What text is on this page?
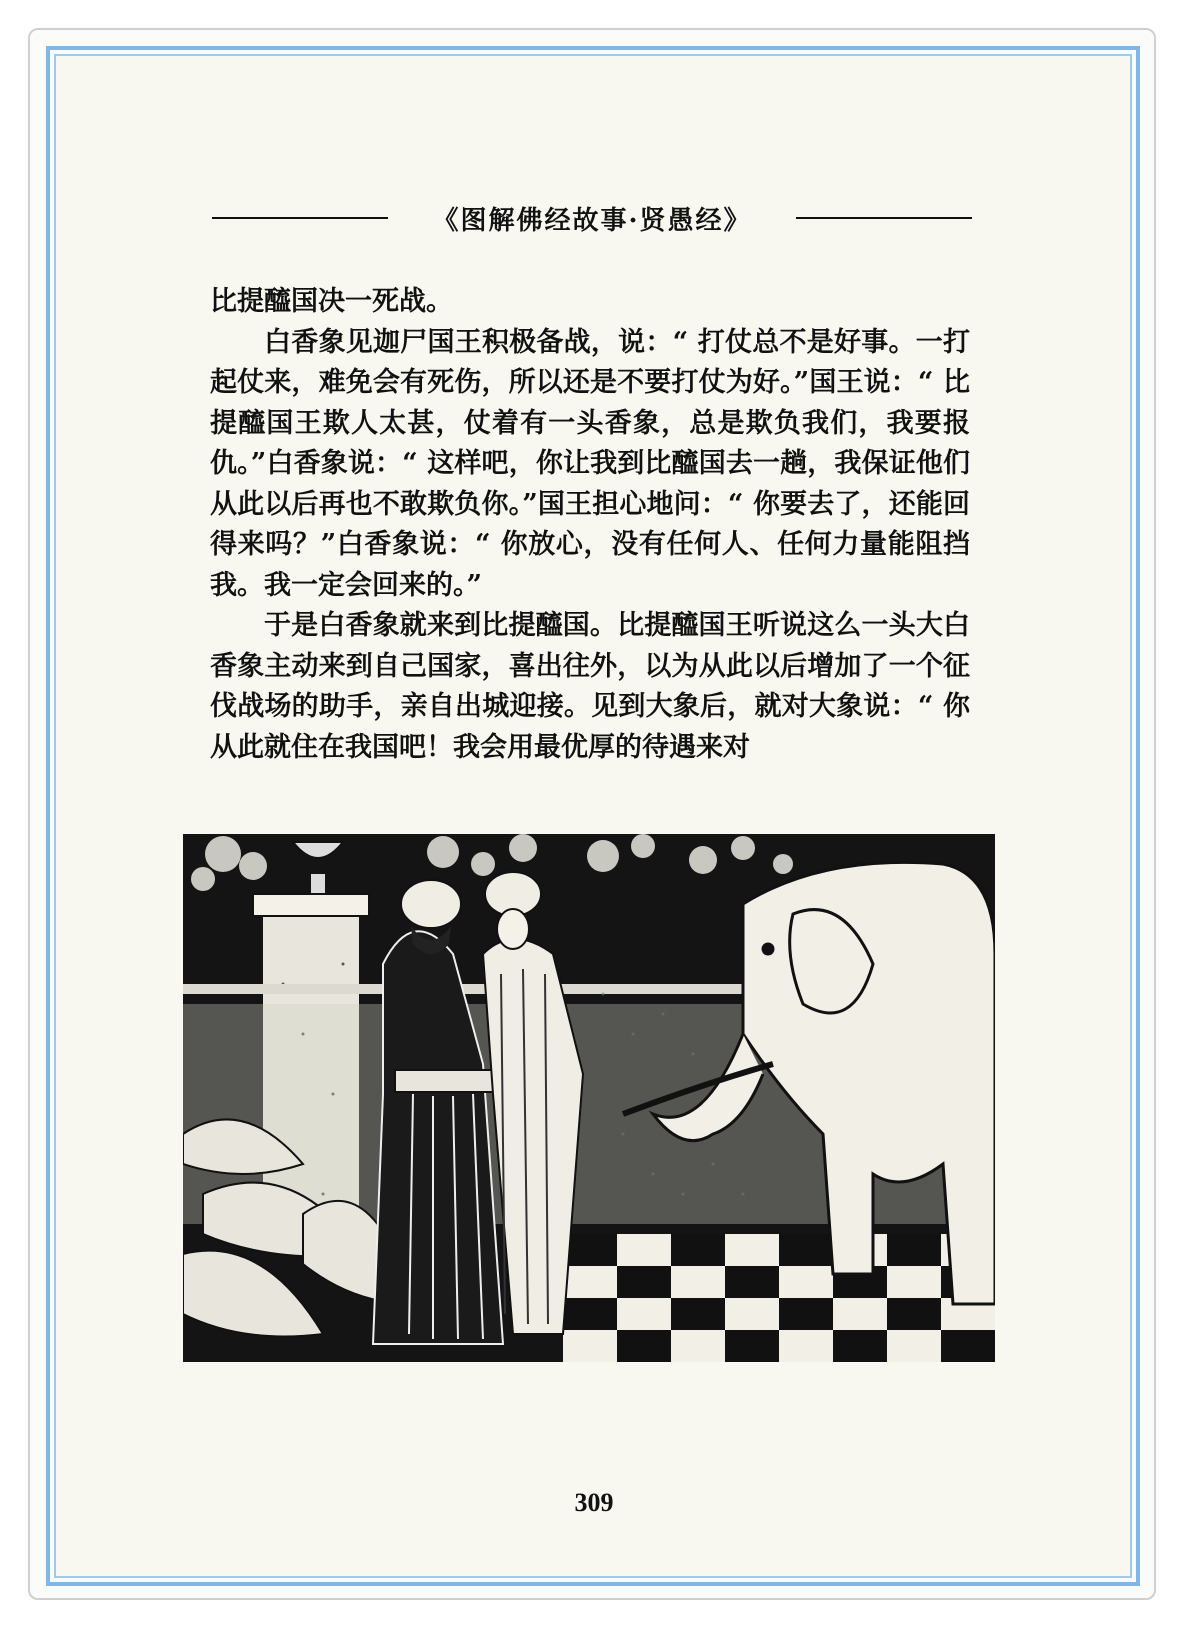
《图解佛经故事·贤愚经》

比提醯国决一死战。

白香象见迦尸国王积极备战，说：“ 打仗总不是好事。一打起仗来，难免会有死伤，所以还是不要打仗为好。”国王说：“ 比提醯国王欺人太甚，仗着有一头香象，总是欺负我们，我要报仇。”白香象说：“ 这样吧，你让我到比醯国去一趟，我保证他们从此以后再也不敢欺负你。”国王担心地问：“ 你要去了，还能回得来吗？”白香象说：“ 你放心，没有任何人、任何力量能阻挡我。我一定会回来的。”

于是白香象就来到比提醯国。比提醯国王听说这么一头大白香象主动来到自己国家，喜出往外，以为从此以后增加了一个征伐战场的助手，亲自出城迎接。见到大象后，就对大象说：“ 你从此就住在我国吧！我会用最优厚的待遇来对

309
